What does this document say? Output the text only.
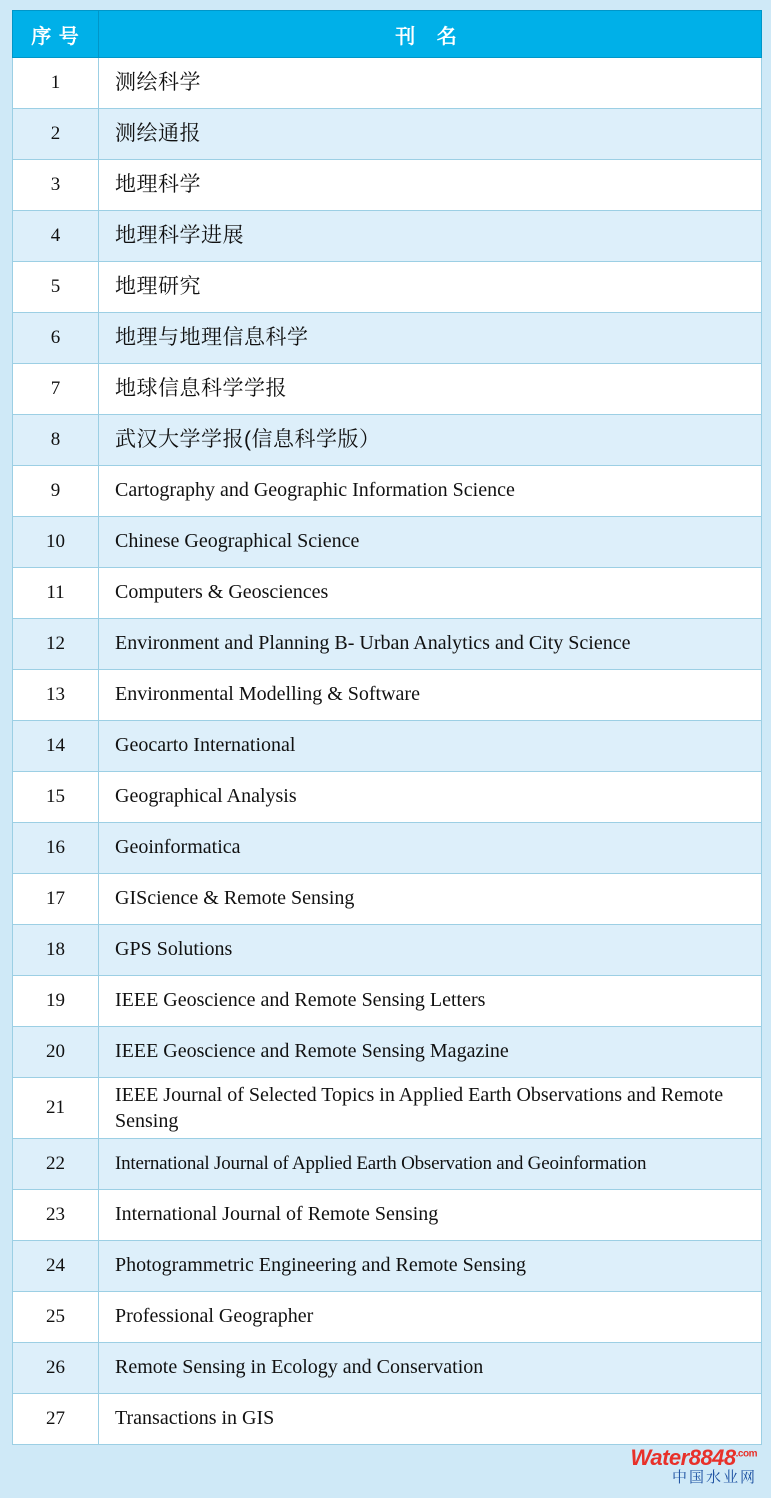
序 号	刊 名
1	测绘科学
2	测绘通报
3	地理科学
4	地理科学进展
5	地理研究
6	地理与地理信息科学
7	地球信息科学学报
8	武汉大学学报(信息科学版）
9	Cartography and Geographic Information Science
10	Chinese Geographical Science
11	Computers & Geosciences
12	Environment and Planning B- Urban Analytics and City Science
13	Environmental Modelling & Software
14	Geocarto International
15	Geographical Analysis
16	Geoinformatica
17	GIScience & Remote Sensing
18	GPS Solutions
19	IEEE Geoscience and Remote Sensing Letters
20	IEEE Geoscience and Remote Sensing Magazine
21	IEEE Journal of Selected Topics in Applied Earth Observations and Remote Sensing
22	International Journal of Applied Earth Observation and Geoinformation
23	International Journal of Remote Sensing
24	Photogrammetric Engineering and Remote Sensing
25	Professional Geographer
26	Remote Sensing in Ecology and Conservation
27	Transactions in GIS
$Water8848^{.com}$
中国水业网
